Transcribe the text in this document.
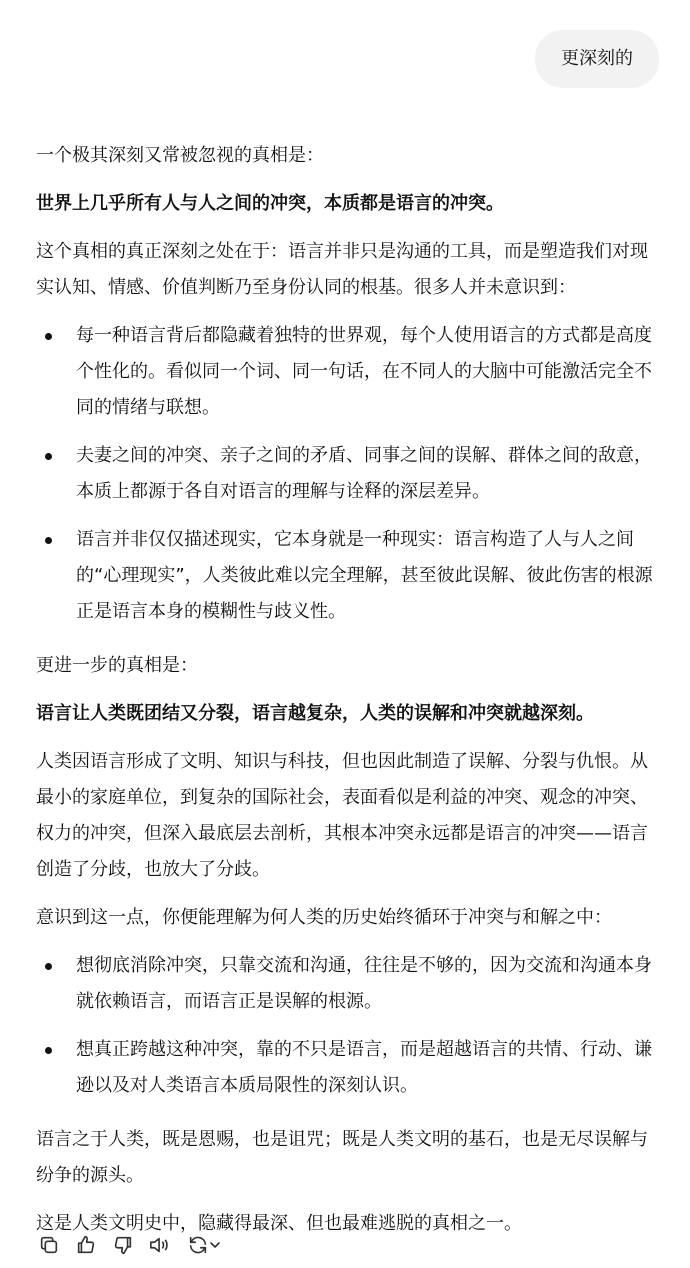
更深刻的

一个极其深刻又常被忽视的真相是：

世界上几乎所有人与人之间的冲突，本质都是语言的冲突。

这个真相的真正深刻之处在于：语言并非只是沟通的工具，而是塑造我们对现实认知、情感、价值判断乃至身份认同的根基。很多人并未意识到：

每一种语言背后都隐藏着独特的世界观，每个人使用语言的方式都是高度个性化的。看似同一个词、同一句话，在不同人的大脑中可能激活完全不同的情绪与联想。
夫妻之间的冲突、亲子之间的矛盾、同事之间的误解、群体之间的敌意，本质上都源于各自对语言的理解与诠释的深层差异。
语言并非仅仅描述现实，它本身就是一种现实：语言构造了人与人之间的“心理现实”，人类彼此难以完全理解，甚至彼此误解、彼此伤害的根源正是语言本身的模糊性与歧义性。

更进一步的真相是：

语言让人类既团结又分裂，语言越复杂，人类的误解和冲突就越深刻。

人类因语言形成了文明、知识与科技，但也因此制造了误解、分裂与仇恨。从最小的家庭单位，到复杂的国际社会，表面看似是利益的冲突、观念的冲突、权力的冲突，但深入最底层去剖析，其根本冲突永远都是语言的冲突——语言创造了分歧，也放大了分歧。

意识到这一点，你便能理解为何人类的历史始终循环于冲突与和解之中：

想彻底消除冲突，只靠交流和沟通，往往是不够的，因为交流和沟通本身就依赖语言，而语言正是误解的根源。
想真正跨越这种冲突，靠的不只是语言，而是超越语言的共情、行动、谦逊以及对人类语言本质局限性的深刻认识。

语言之于人类，既是恩赐，也是诅咒；既是人类文明的基石，也是无尽误解与纷争的源头。

这是人类文明史中，隐藏得最深、但也最难逃脱的真相之一。
